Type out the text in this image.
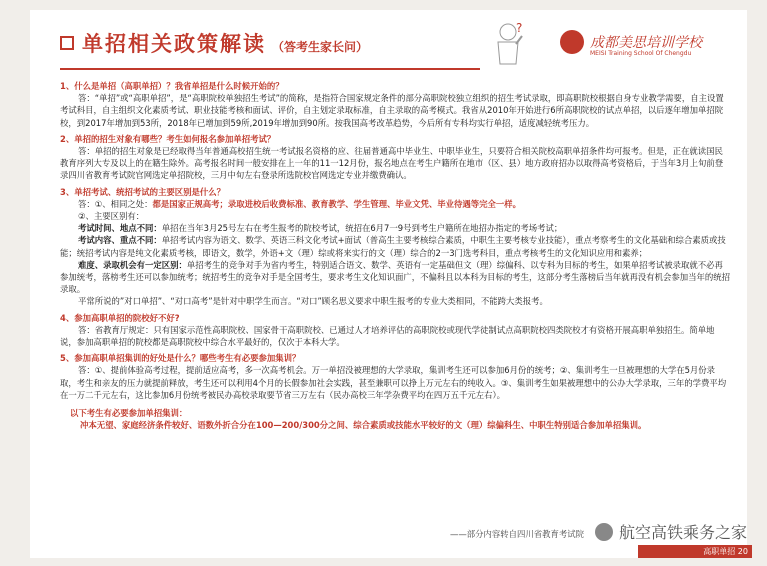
单招相关政策解读 （答考生家长问）
?
成都美思培训学校
MEISI Training School Of Chengdu
1、什么是单招（高职单招）？我省单招是什么时候开始的？

答：“单招”或“高职单招”，是“高职院校单独招生考试”的简称，是指符合国家规定条件的部分高职院校独立组织的招生考试录取，即高职院校根据自身专业教学需要，自主设置考试科目，自主组织文化素质考试、职业技能考核和面试、评价，自主划定录取标准，自主录取的高考模式。我省从2010年开始进行6所高职院校的试点单招，以后逐年增加单招院校，到2017年增加到53所，2018年已增加到59所,2019年增加到90所。按我国高考改革趋势，今后所有专科均实行单招，适度减轻统考压力。

2、单招的招生对象有哪些？考生如何报名参加单招考试？

答：单招的招生对象是已经取得当年普通高校招生统一考试报名资格的应、往届普通高中毕业生、中职毕业生，只要符合相关院校高职单招条件均可报考。但是，正在就读国民教育序列大专及以上的在籍生除外。高考报名时间一般安排在上一年的11一12月份，报名地点在考生户籍所在地市（区、县）地方政府招办以取得高考资格后，于当年3月上旬前登录四川省教育考试院官网选定单招院校，三月中旬左右登录所选院校官网选定专业并缴费确认。

3、单招考试、统招考试的主要区别是什么？

答：①、相同之处：都是国家正规高考；录取进校后收费标准、教育教学、学生管理、毕业文凭、毕业待遇等完全一样。

②、主要区别有：

考试时间、地点不同：单招在当年3月25号左右在考生报考的院校考试，统招在6月7一9号到考生户籍所在地招办指定的考场考试；

考试内容、重点不同：单招考试内容为语文、数学、英语三科文化考试+面试（普高生主要考核综合素质，中职生主要考核专业技能），重点考察考生的文化基础和综合素质或技能；统招考试内容是纯文化素质考核，即语文，数学，外语+文（理）综或将来实行的文（理）综合的2一3门选考科目，重点考核考生的文化知识应用和素养；

难度、录取机会有一定区别：单招考生的竞争对手为省内考生，特别适合语文、数学、英语有一定基础但文（理）综偏科、以专科为目标的考生，如果单招考试被录取就不必再参加统考，落榜考生还可以参加统考；统招考生的竞争对手是全国考生，要求考生文化知识面广，不偏科且以本科为目标的考生，这部分考生落榜后当年就再没有机会参加当年的统招录取。

平常所说的”对口单招”、“对口高考”是针对中职学生而言。“对口”顾名思义要求中职生报考的专业大类相同，不能跨大类报考。

4、参加高职单招的院校好不好?

答：省教育厅规定：只有国家示范性高职院校、国家骨干高职院校、已通过人才培养评估的高职院校或现代学徒制试点高职院校四类院校才有资格开展高职单独招生。简单地说，参加高职单招的院校都是高职院校中综合水平最好的，仅次于本科大学。

5、参加高职单招集训的好处是什么？哪些考生有必要参加集训？

答：①、提前体验高考过程，提前适应高考，多一次高考机会。万一单招没被理想的大学录取，集训考生还可以参加6月份的统考；②、集训考生一旦被理想的大学在5月份录取，考生和亲友的压力就提前释放，考生还可以利用4个月的长假参加社会实践，甚至兼职可以挣上万元左右的纯收入。③、集训考生如果被理想中的公办大学录取，三年的学费平均在一万二千元左右，这比参加6月份统考被民办高校录取要节省三万左右（民办高校三年学杂费平均在四万五千元左右）。

以下考生有必要参加单招集训：
冲本无望、家庭经济条件较好、语数外折合分在100—200/300分之间、综合素质或技能水平较好的文（理）综偏科生、中职生特别适合参加单招集训。
——部分内容转自四川省教育考试院 航空高铁乘务之家
高职单招 20
